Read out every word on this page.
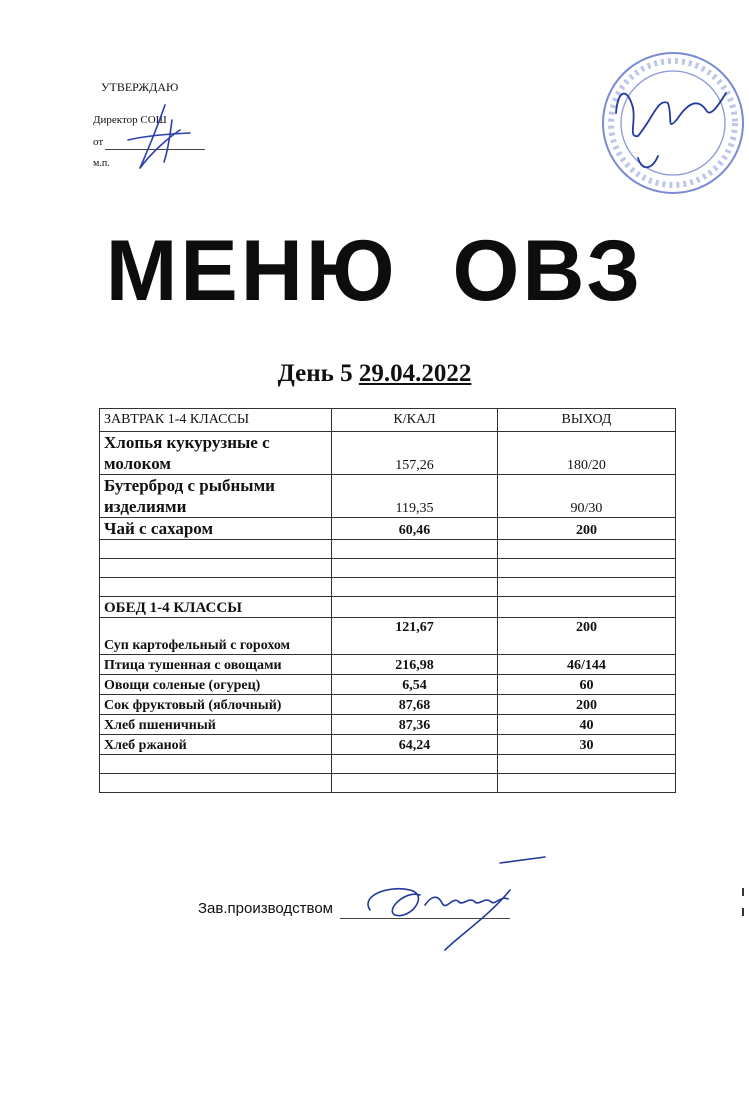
УТВЕРЖДАЮ
Директор СОШ
от
м.п.
МЕНЮ ОВЗ
День 5 29.04.2022
ЗАВТРАК 1-4 КЛАССЫ	К/КАЛ	ВЫХОД
Хлопья кукурузные с молоком	157,26	180/20
Бутерброд с рыбными изделиями	119,35	90/30
Чай с сахаром	60,46	200

ОБЕД 1-4 КЛАССЫ		
Суп картофельный с горохом	121,67	200
Птица тушенная с овощами	216,98	46/144
Овощи соленые (огурец)	6,54	60
Сок фруктовый (яблочный)	87,68	200
Хлеб пшеничный	87,36	40
Хлеб ржаной	64,24	30

Зав.производством
